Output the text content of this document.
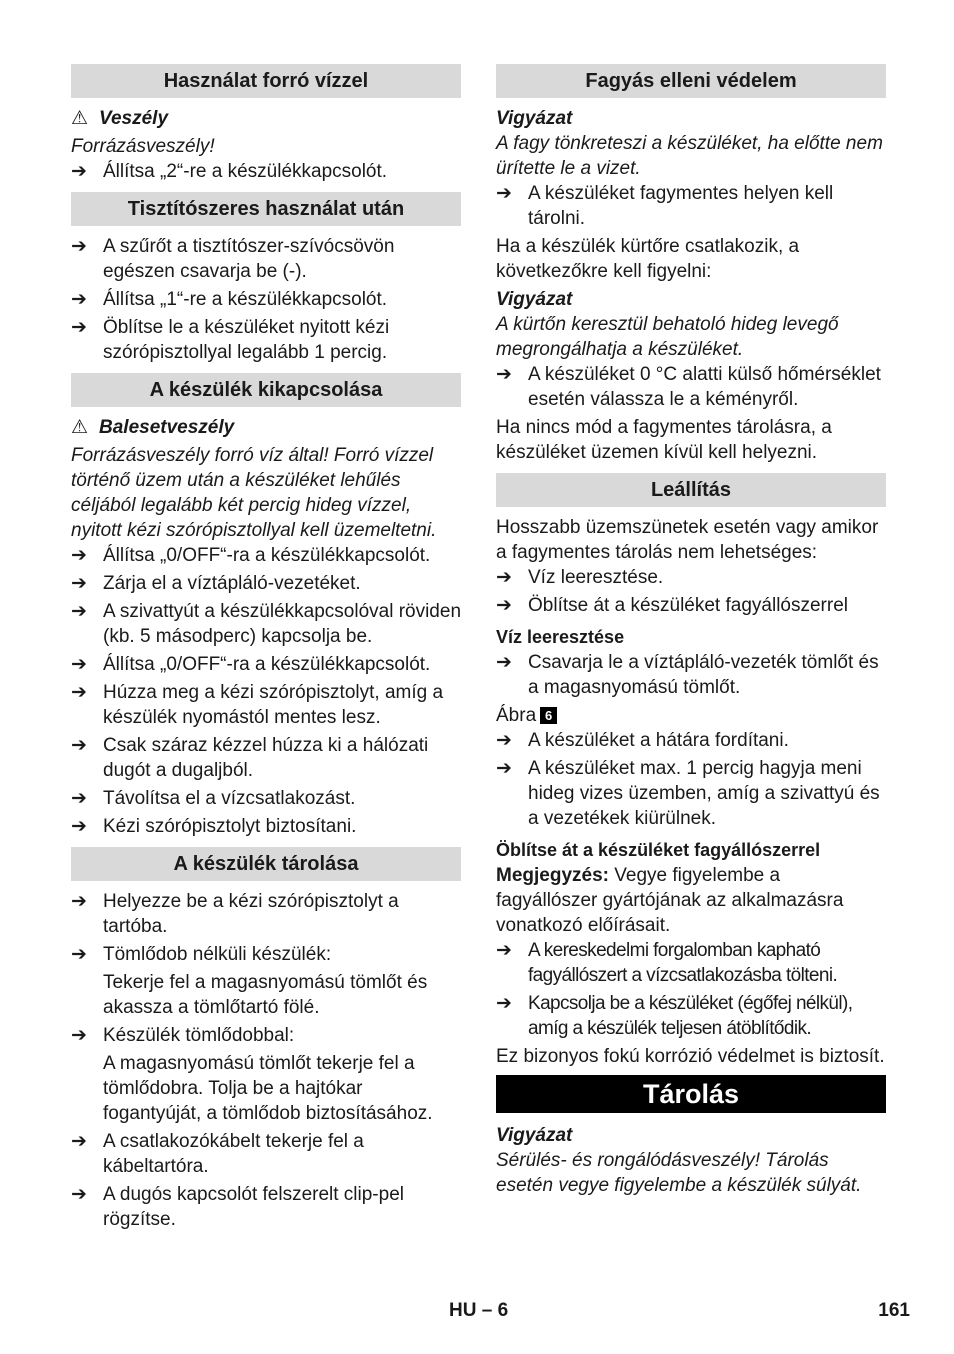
Használat forró vízzel
⚠ Veszély
Forrázásveszély!
➔ Állítsa „2“-re a készülékkapcsolót.
Tisztítószeres használat után
➔ A szűrőt a tisztítószer-szívócsövön egészen csavarja be (-).
➔ Állítsa „1“-re a készülékkapcsolót.
➔ Öblítse le a készüléket nyitott kézi szórópisztollyal legalább 1 percig.
A készülék kikapcsolása
⚠ Balesetveszély
Forrázásveszély forró víz által! Forró vízzel történő üzem után a készüléket lehűlés céljából legalább két percig hideg vízzel, nyitott kézi szórópisztollyal kell üzemeltetni.
➔ Állítsa „0/OFF“-ra a készülékkapcsolót.
➔ Zárja el a víztápláló-vezetéket.
➔ A szivattyút a készülékkapcsolóval röviden (kb. 5 másodperc) kapcsolja be.
➔ Állítsa „0/OFF“-ra a készülékkapcsolót.
➔ Húzza meg a kézi szórópisztolyt, amíg a készülék nyomástól mentes lesz.
➔ Csak száraz kézzel húzza ki a hálózati dugót a dugaljból.
➔ Távolítsa el a vízcsatlakozást.
➔ Kézi szórópisztolyt biztosítani.
A készülék tárolása
➔ Helyezze be a kézi szórópisztolyt a tartóba.
➔ Tömlődob nélküli készülék:
Tekerje fel a magasnyomású tömlőt és akassza a tömlőtartó fölé.
➔ Készülék tömlődobbal:
A magasnyomású tömlőt tekerje fel a tömlődobra. Tolja be a hajtókar fogantyúját, a tömlődob biztosításához.
➔ A csatlakozókábelt tekerje fel a kábeltartóra.
➔ A dugós kapcsolót felszerelt clip-pel rögzítse.
Fagyás elleni védelem
Vigyázat
A fagy tönkreteszi a készüléket, ha előtte nem ürítette le a vizet.
➔ A készüléket fagymentes helyen kell tárolni.
Ha a készülék kürtőre csatlakozik, a következőkre kell figyelni:
Vigyázat
A kürtőn keresztül behatoló hideg levegő megrongálhatja a készüléket.
➔ A készüléket 0 °C alatti külső hőmérséklet esetén válassza le a kéményről.
Ha nincs mód a fagymentes tárolásra, a készüléket üzemen kívül kell helyezni.
Leállítás
Hosszabb üzemszünetek esetén vagy amikor a fagymentes tárolás nem lehetséges:
➔ Víz leeresztése.
➔ Öblítse át a készüléket fagyállószerrel
Víz leeresztése
➔ Csavarja le a víztápláló-vezeték tömlőt és a magasnyomású tömlőt.
Ábra 6
➔ A készüléket a hátára fordítani.
➔ A készüléket max. 1 percig hagyja meni hideg vizes üzemben, amíg a szivattyú és a vezetékek kiürülnek.
Öblítse át a készüléket fagyállószerrel
Megjegyzés: Vegye figyelembe a fagyállószer gyártójának az alkalmazásra vonatkozó előírásait.
➔ A kereskedelmi forgalomban kapható fagyállószert a vízcsatlakozásba tölteni.
➔ Kapcsolja be a készüléket (égőfej nélkül), amíg a készülék teljesen átöblítődik.
Ez bizonyos fokú korrózió védelmet is biztosít.
Tárolás
Vigyázat
Sérülés- és rongálódásveszély! Tárolás esetén vegye figyelembe a készülék súlyát.
HU – 6	161
